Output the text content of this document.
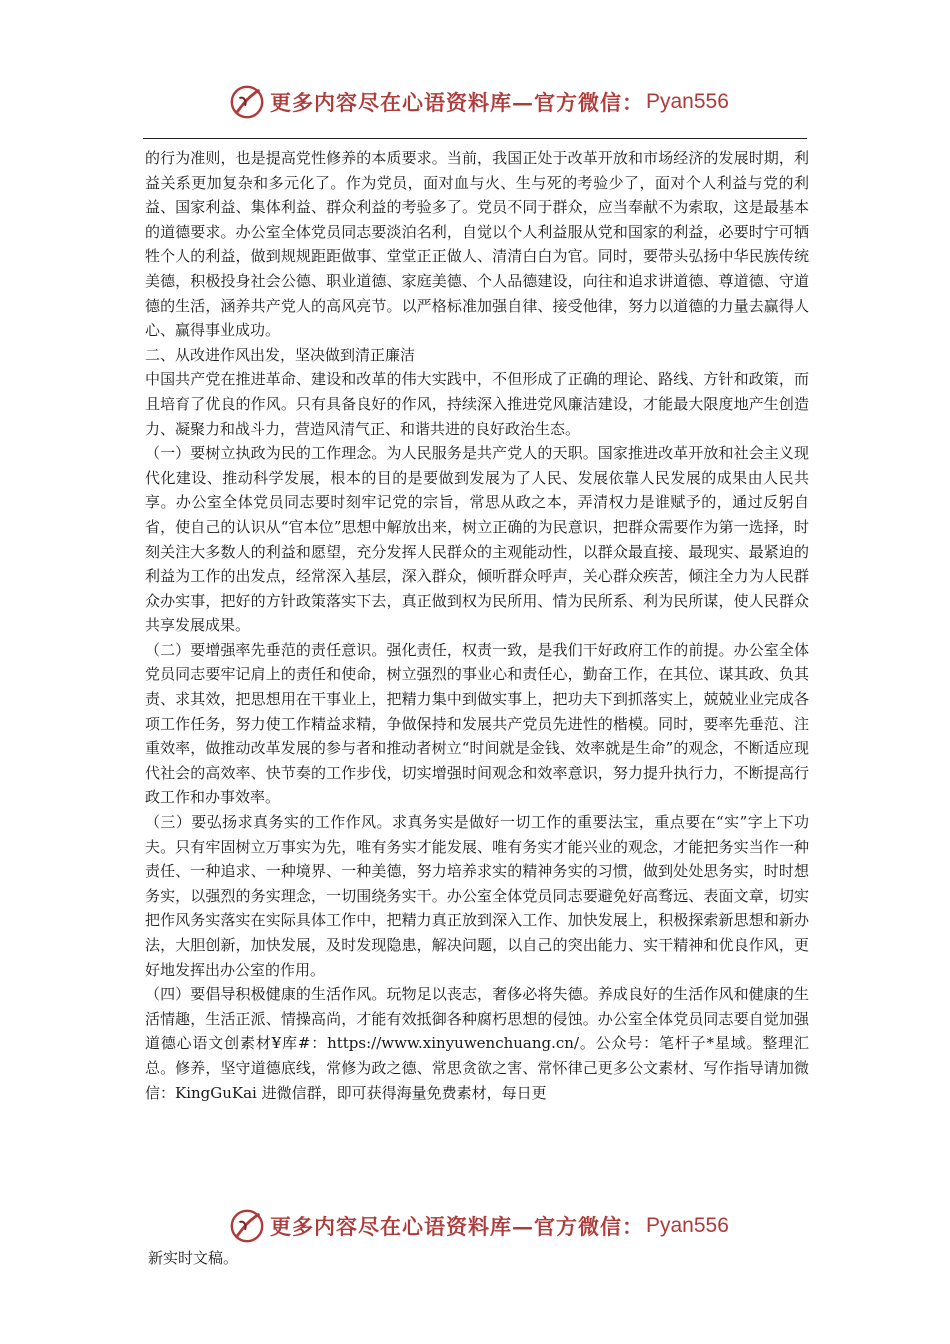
更多内容尽在心语资料库—官方微信： Pyan556

的行为准则，也是提高党性修养的本质要求。当前，我国正处于改革开放和市场经济的发展时期，利益关系更加复杂和多元化了。作为党员，面对血与火、生与死的考验少了，面对个人利益与党的利益、国家利益、集体利益、群众利益的考验多了。党员不同于群众，应当奉献不为索取，这是最基本的道德要求。办公室全体党员同志要淡泊名利，自觉以个人利益服从党和国家的利益，必要时宁可牺牲个人的利益，做到规规距距做事、堂堂正正做人、清清白白为官。同时，要带头弘扬中华民族传统美德，积极投身社会公德、职业道德、家庭美德、个人品德建设，向往和追求讲道德、尊道德、守道德的生活，涵养共产党人的高风亮节。以严格标准加强自律、接受他律，努力以道德的力量去赢得人心、赢得事业成功。

二、从改进作风出发，坚决做到清正廉洁

中国共产党在推进革命、建设和改革的伟大实践中，不但形成了正确的理论、路线、方针和政策，而且培育了优良的作风。只有具备良好的作风，持续深入推进党风廉洁建设，才能最大限度地产生创造力、凝聚力和战斗力，营造风清气正、和谐共进的良好政治生态。

（一）要树立执政为民的工作理念。为人民服务是共产党人的天职。国家推进改革开放和社会主义现代化建设、推动科学发展，根本的目的是要做到发展为了人民、发展依靠人民发展的成果由人民共享。办公室全体党员同志要时刻牢记党的宗旨，常思从政之本，弄清权力是谁赋予的，通过反躬自省，使自己的认识从“官本位”思想中解放出来，树立正确的为民意识，把群众需要作为第一选择，时刻关注大多数人的利益和愿望，充分发挥人民群众的主观能动性，以群众最直接、最现实、最紧迫的利益为工作的出发点，经常深入基层，深入群众，倾听群众呼声，关心群众疾苦，倾注全力为人民群众办实事，把好的方针政策落实下去，真正做到权为民所用、情为民所系、利为民所谋，使人民群众共享发展成果。

（二）要增强率先垂范的责任意识。强化责任，权责一致，是我们干好政府工作的前提。办公室全体党员同志要牢记肩上的责任和使命，树立强烈的事业心和责任心，勤奋工作，在其位、谋其政、负其责、求其效，把思想用在干事业上，把精力集中到做实事上，把功夫下到抓落实上，兢兢业业完成各项工作任务，努力使工作精益求精，争做保持和发展共产党员先进性的楷模。同时，要率先垂范、注重效率，做推动改革发展的参与者和推动者树立“时间就是金钱、效率就是生命”的观念，不断适应现代社会的高效率、快节奏的工作步伐，切实增强时间观念和效率意识，努力提升执行力，不断提高行政工作和办事效率。

（三）要弘扬求真务实的工作作风。求真务实是做好一切工作的重要法宝，重点要在“实”字上下功夫。只有牢固树立万事实为先，唯有务实才能发展、唯有务实才能兴业的观念，才能把务实当作一种责任、一种追求、一种境界、一种美德，努力培养求实的精神务实的习惯，做到处处思务实，时时想务实，以强烈的务实理念，一切围绕务实干。办公室全体党员同志要避免好高骛远、表面文章，切实把作风务实落实在实际具体工作中，把精力真正放到深入工作、加快发展上，积极探索新思想和新办法，大胆创新，加快发展，及时发现隐患，解决问题，以自己的突出能力、实干精神和优良作风，更好地发挥出办公室的作用。

（四）要倡导积极健康的生活作风。玩物足以丧志，奢侈必将失德。养成良好的生活作风和健康的生活情趣，生活正派、情操高尚，才能有效抵御各种腐朽思想的侵蚀。办公室全体党员同志要自觉加强道德心语文创素材¥库#：https://www.xinyuwenchuang.cn/。公众号：笔杆子*星域。整理汇总。修养，坚守道德底线，常修为政之德、常思贪欲之害、常怀律己更多公文素材、写作指导请加微信：KingGuKai 进微信群，即可获得海量免费素材，每日更

更多内容尽在心语资料库—官方微信： Pyan556
新实时文稿。
